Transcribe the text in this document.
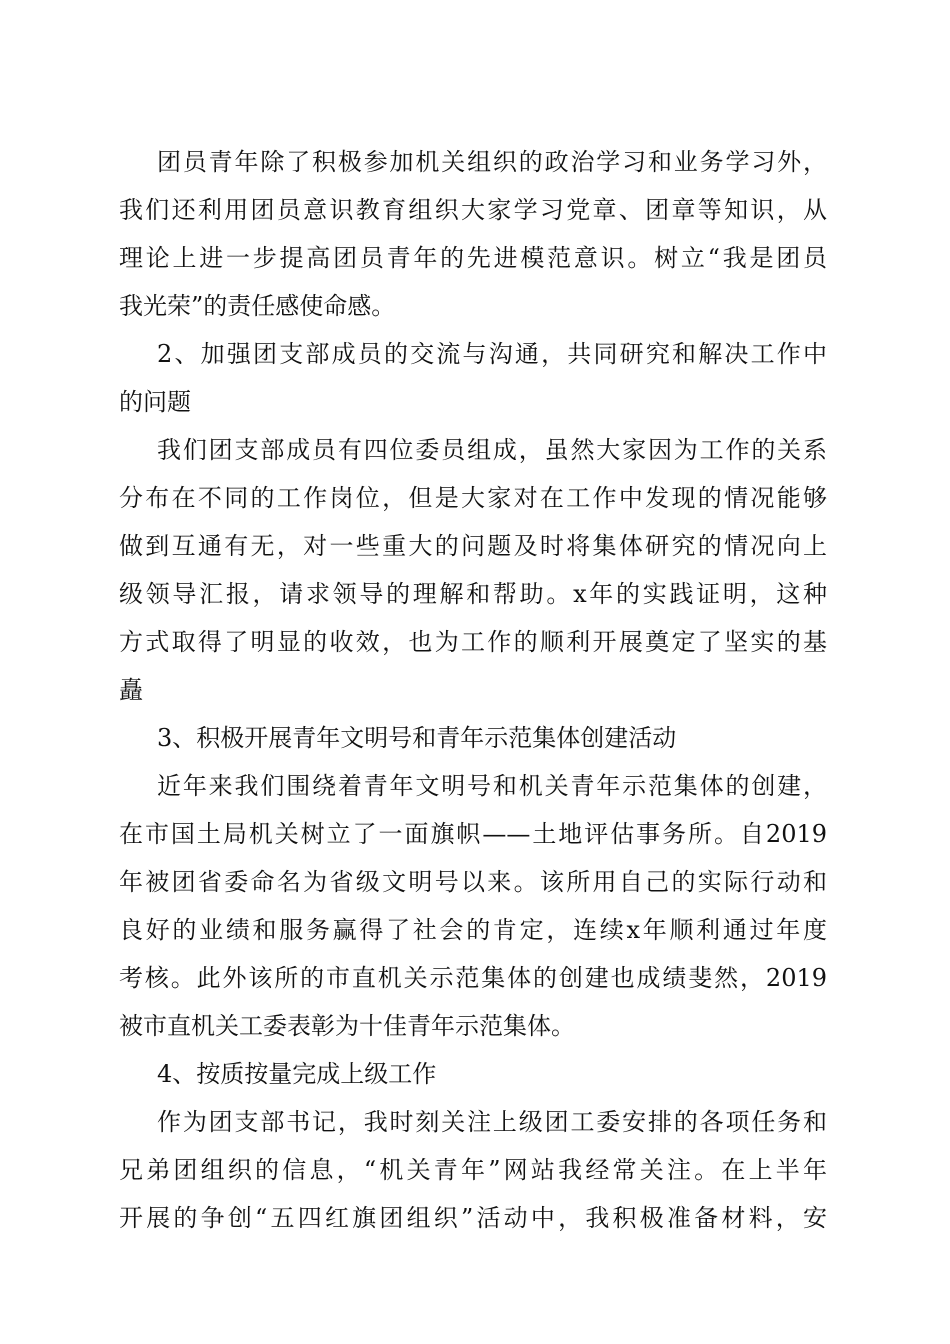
团员青年除了积极参加机关组织的政治学习和业务学习外，
我们还利用团员意识教育组织大家学习党章、团章等知识，从
理论上进一步提高团员青年的先进模范意识。树立“我是团员
我光荣”的责任感使命感。
2、加强团支部成员的交流与沟通，共同研究和解决工作中
的问题
我们团支部成员有四位委员组成，虽然大家因为工作的关系
分布在不同的工作岗位，但是大家对在工作中发现的情况能够
做到互通有无，对一些重大的问题及时将集体研究的情况向上
级领导汇报，请求领导的理解和帮助。x年的实践证明，这种
方式取得了明显的收效，也为工作的顺利开展奠定了坚实的基
矗
3、积极开展青年文明号和青年示范集体创建活动
近年来我们围绕着青年文明号和机关青年示范集体的创建，
在市国土局机关树立了一面旗帜——土地评估事务所。自2019
年被团省委命名为省级文明号以来。该所用自己的实际行动和
良好的业绩和服务赢得了社会的肯定，连续x年顺利通过年度
考核。此外该所的市直机关示范集体的创建也成绩斐然，2019
被市直机关工委表彰为十佳青年示范集体。
4、按质按量完成上级工作
作为团支部书记，我时刻关注上级团工委安排的各项任务和
兄弟团组织的信息，“机关青年”网站我经常关注。在上半年
开展的争创“五四红旗团组织”活动中，我积极准备材料，安
